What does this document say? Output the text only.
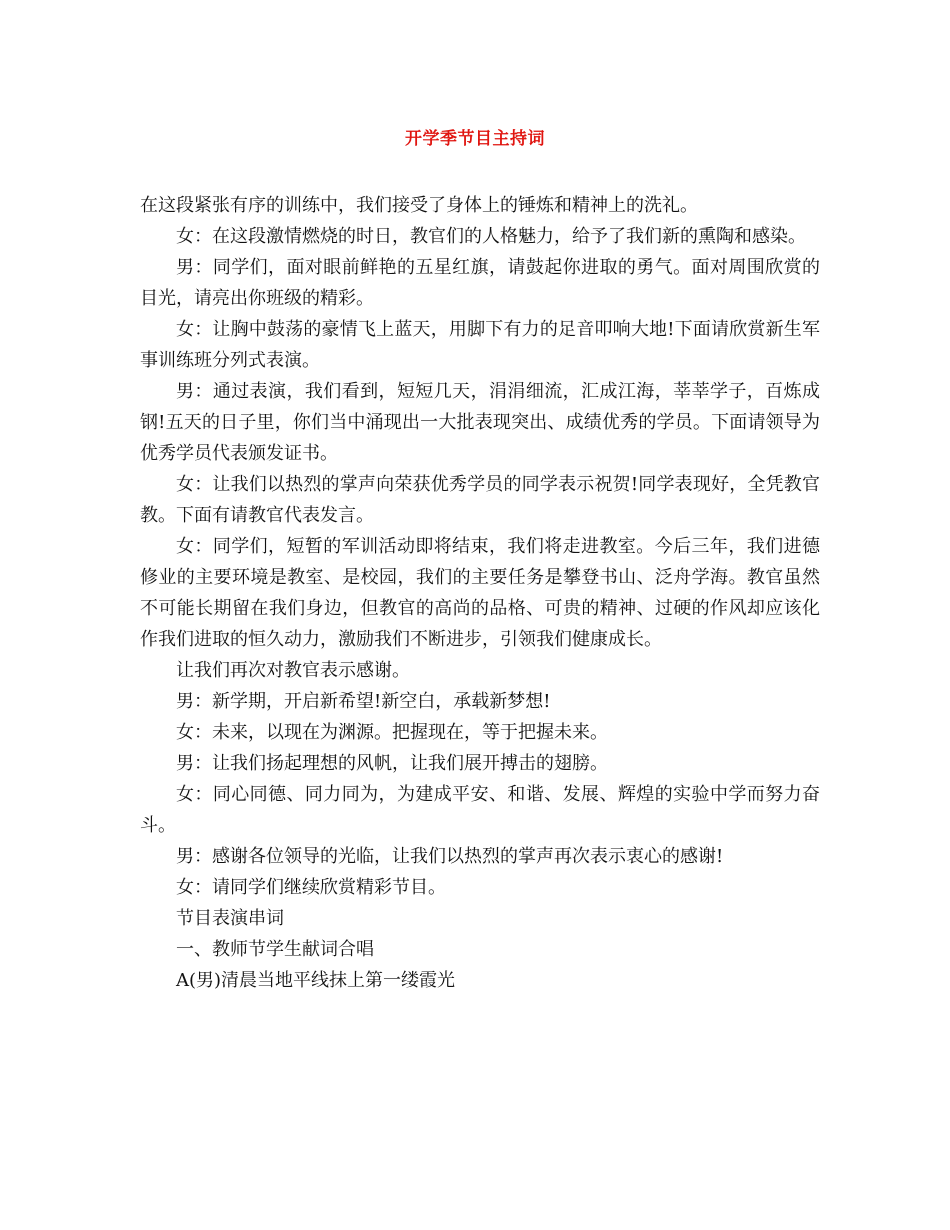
开学季节目主持词

在这段紧张有序的训练中，我们接受了身体上的锤炼和精神上的洗礼。

女：在这段激情燃烧的时日，教官们的人格魅力，给予了我们新的熏陶和感染。

男：同学们，面对眼前鲜艳的五星红旗，请鼓起你进取的勇气。面对周围欣赏的目光，请亮出你班级的精彩。

女：让胸中鼓荡的豪情飞上蓝天，用脚下有力的足音叩响大地!下面请欣赏新生军事训练班分列式表演。

男：通过表演，我们看到，短短几天，涓涓细流，汇成江海，莘莘学子，百炼成钢!五天的日子里，你们当中涌现出一大批表现突出、成绩优秀的学员。下面请领导为优秀学员代表颁发证书。

女：让我们以热烈的掌声向荣获优秀学员的同学表示祝贺!同学表现好，全凭教官教。下面有请教官代表发言。

女：同学们，短暂的军训活动即将结束，我们将走进教室。今后三年，我们进德修业的主要环境是教室、是校园，我们的主要任务是攀登书山、泛舟学海。教官虽然不可能长期留在我们身边，但教官的高尚的品格、可贵的精神、过硬的作风却应该化作我们进取的恒久动力，激励我们不断进步，引领我们健康成长。

让我们再次对教官表示感谢。

男：新学期，开启新希望!新空白，承载新梦想!

女：未来，以现在为渊源。把握现在，等于把握未来。

男：让我们扬起理想的风帆，让我们展开搏击的翅膀。

女：同心同德、同力同为，为建成平安、和谐、发展、辉煌的实验中学而努力奋斗。

男：感谢各位领导的光临，让我们以热烈的掌声再次表示衷心的感谢!

女：请同学们继续欣赏精彩节目。

节目表演串词

一、教师节学生献词合唱

A(男)清晨当地平线抹上第一缕霞光
